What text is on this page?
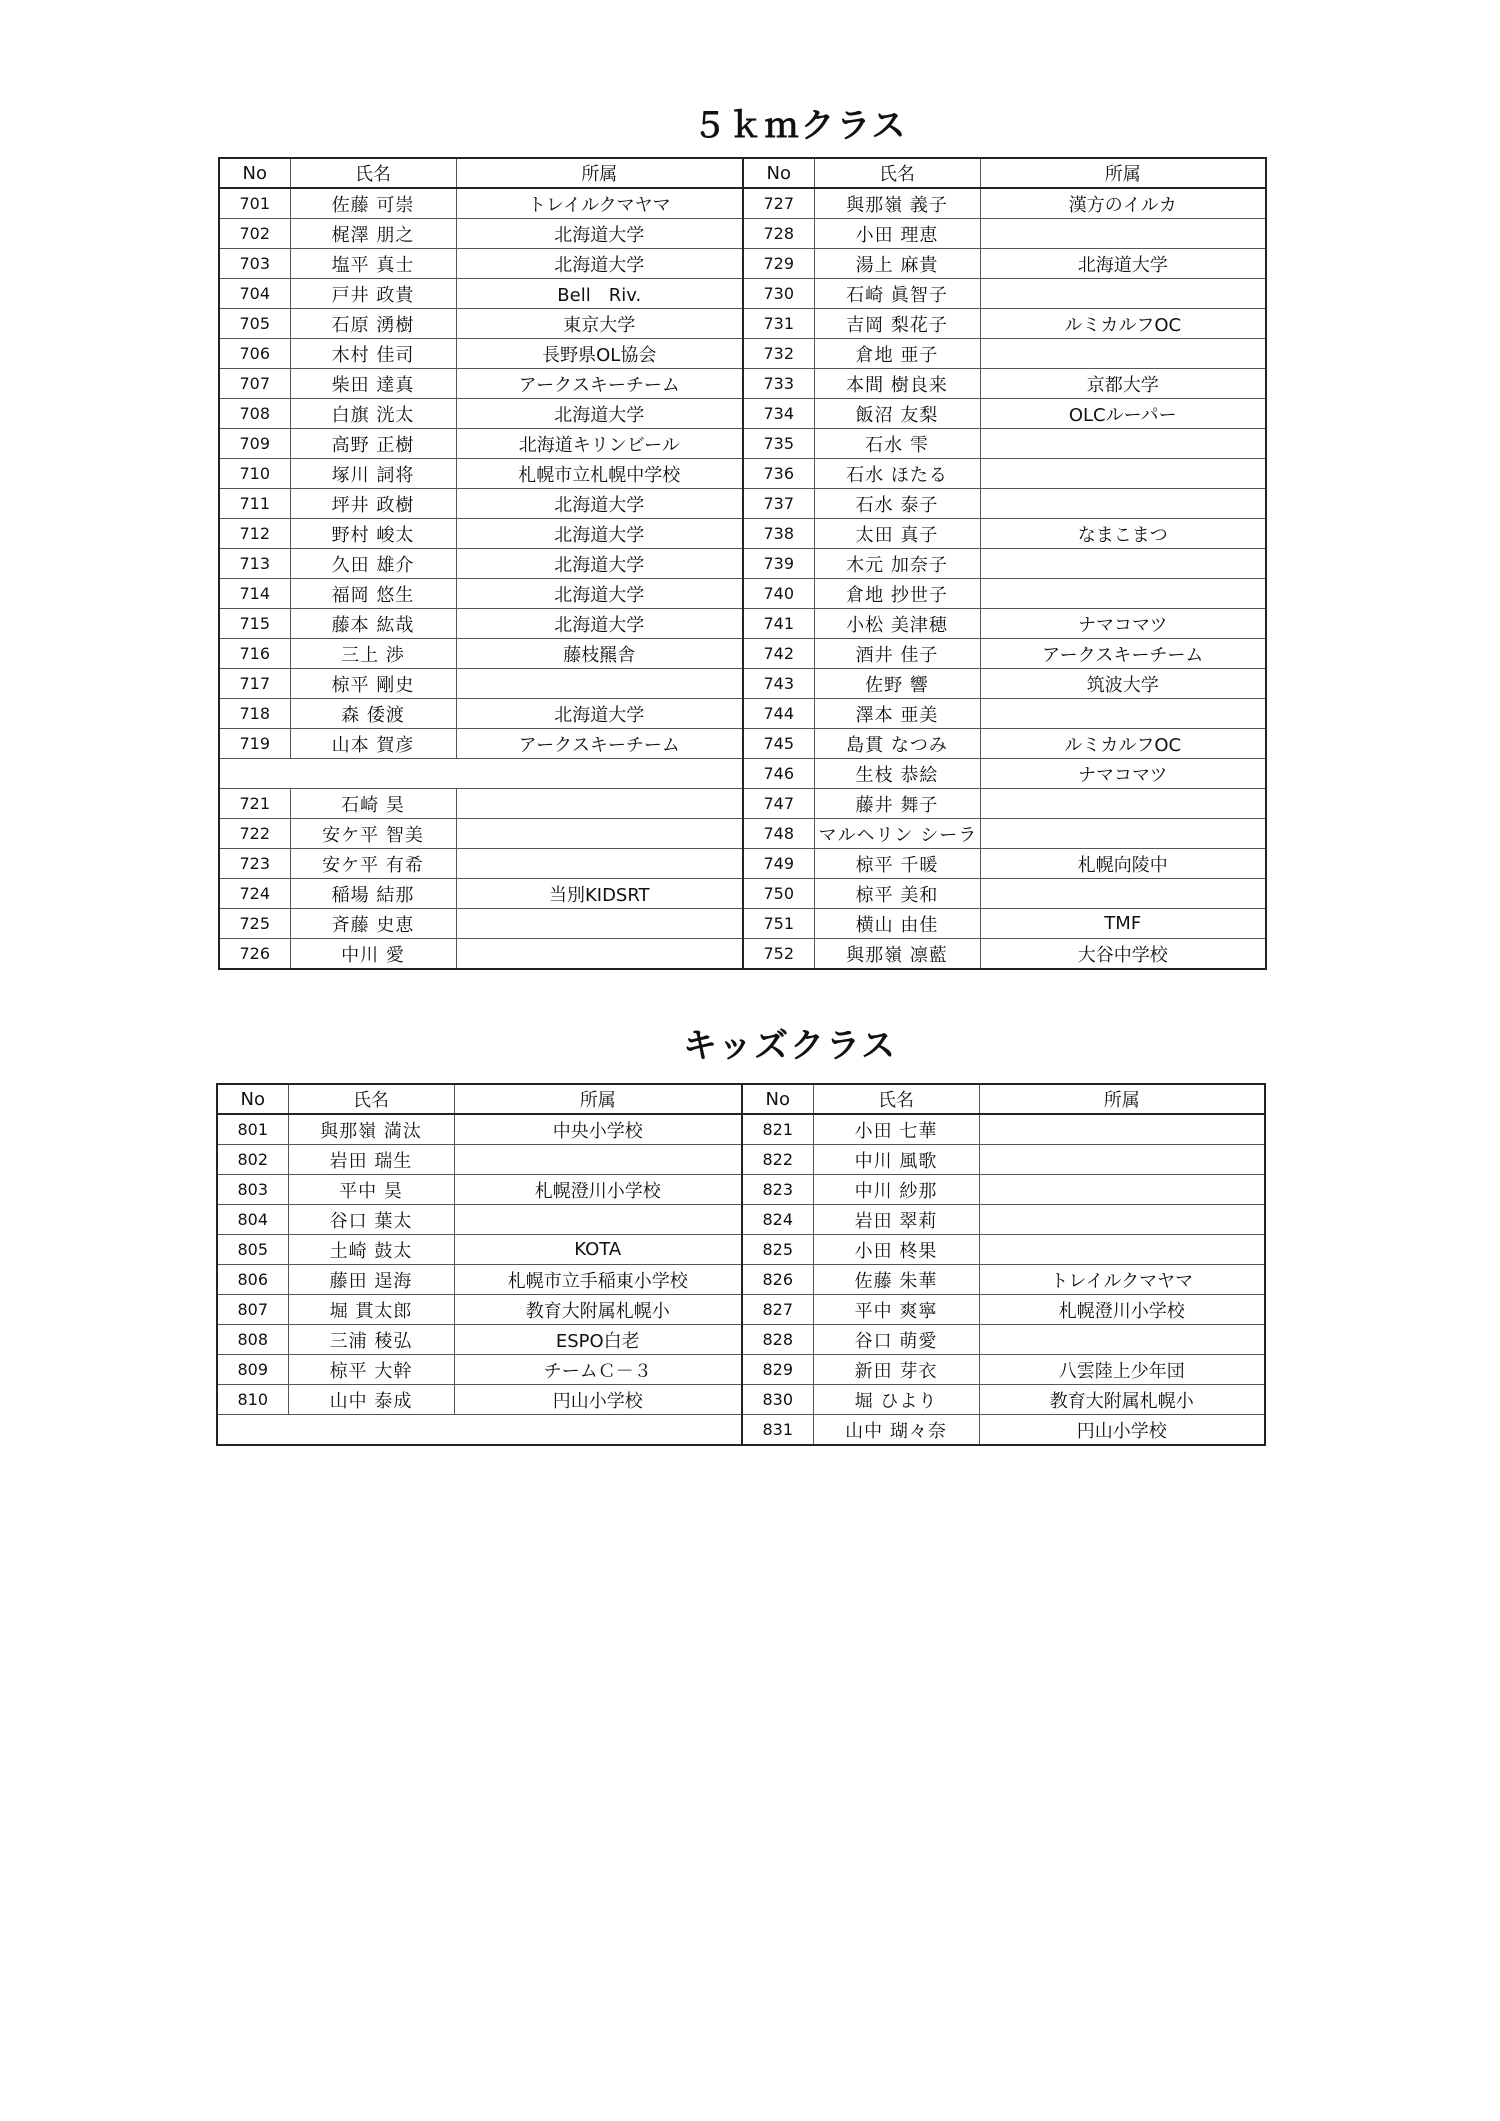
５ｋｍクラス
No	氏名	所属	No	氏名	所属
701	佐藤 可崇	トレイルクマヤマ	727	與那嶺 義子	漢方のイルカ
702	梶澤 朋之	北海道大学	728	小田 理恵	
703	塩平 真士	北海道大学	729	湯上 麻貴	北海道大学
704	戸井 政貴	Bell　Riv.	730	石崎 眞智子	
705	石原 湧樹	東京大学	731	吉岡 梨花子	ルミカルフOC
706	木村 佳司	長野県OL協会	732	倉地 亜子	
707	柴田 達真	アークスキーチーム	733	本間 樹良来	京都大学
708	白旗 洸太	北海道大学	734	飯沼 友梨	OLCルーパー
709	高野 正樹	北海道キリンビール	735	石水 雫	
710	塚川 詞将	札幌市立札幌中学校	736	石水 ほたる	
711	坪井 政樹	北海道大学	737	石水 泰子	
712	野村 峻太	北海道大学	738	太田 真子	なまこまつ
713	久田 雄介	北海道大学	739	木元 加奈子	
714	福岡 悠生	北海道大学	740	倉地 抄世子	
715	藤本 紘哉	北海道大学	741	小松 美津穂	ナマコマツ
716	三上 渉	藤枝羆舎	742	酒井 佳子	アークスキーチーム
717	椋平 剛史		743	佐野 響	筑波大学
718	森 倭渡	北海道大学	744	澤本 亜美	
719	山本 賀彦	アークスキーチーム	745	島貫 なつみ	ルミカルフOC
			746	生枝 恭絵	ナマコマツ
721	石崎 昊		747	藤井 舞子	
722	安ケ平 智美		748	マルヘリン シーラ	
723	安ケ平 有希		749	椋平 千暖	札幌向陵中
724	稲場 結那	当別KIDSRT	750	椋平 美和	
725	斉藤 史恵		751	横山 由佳	TMF
726	中川 愛		752	與那嶺 凛藍	大谷中学校
キッズクラス
No	氏名	所属	No	氏名	所属
801	與那嶺 満汰	中央小学校	821	小田 七華	
802	岩田 瑞生		822	中川 風歌	
803	平中 昊	札幌澄川小学校	823	中川 紗那	
804	谷口 葉太		824	岩田 翠莉	
805	土崎 鼓太	KOTA	825	小田 柊果	
806	藤田 逞海	札幌市立手稲東小学校	826	佐藤 朱華	トレイルクマヤマ
807	堀 貫太郎	教育大附属札幌小	827	平中 爽寧	札幌澄川小学校
808	三浦 稜弘	ESPO白老	828	谷口 萌愛	
809	椋平 大幹	チームＣ－３	829	新田 芽衣	八雲陸上少年団
810	山中 泰成	円山小学校	830	堀 ひより	教育大附属札幌小
			831	山中 瑚々奈	円山小学校
